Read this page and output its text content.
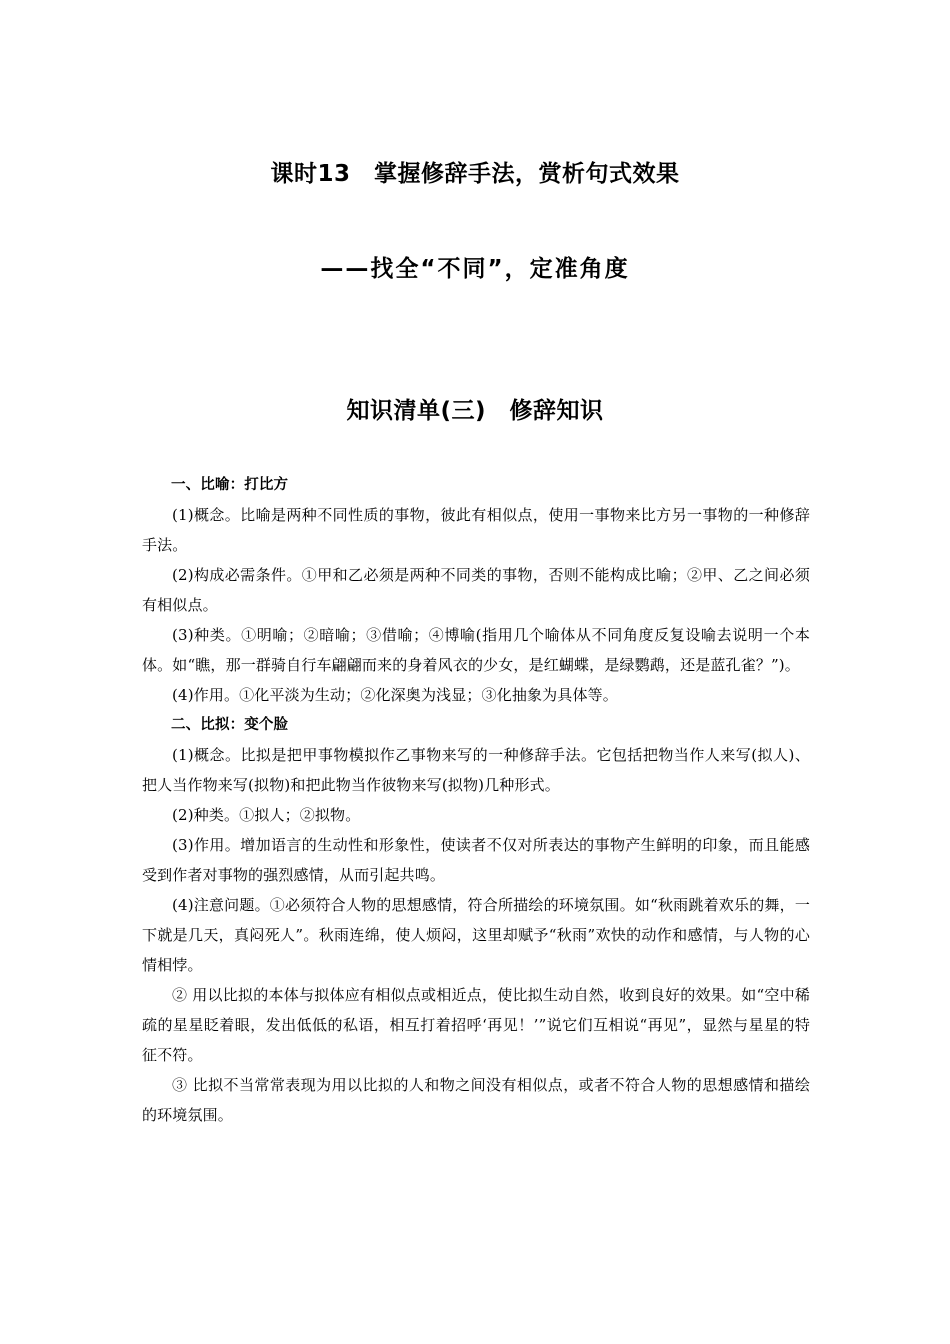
课时13　掌握修辞手法，赏析句式效果
——找全“不同”，定准角度
知识清单(三)　修辞知识

一、比喻：打比方

(1)概念。比喻是两种不同性质的事物，彼此有相似点，使用一事物来比方另一事物的一种修辞手法。

(2)构成必需条件。①甲和乙必须是两种不同类的事物，否则不能构成比喻；②甲、乙之间必须有相似点。

(3)种类。①明喻；②暗喻；③借喻；④博喻(指用几个喻体从不同角度反复设喻去说明一个本体。如“瞧，那一群骑自行车翩翩而来的身着风衣的少女，是红蝴蝶，是绿鹦鹉，还是蓝孔雀？”)。

(4)作用。①化平淡为生动；②化深奥为浅显；③化抽象为具体等。

二、比拟：变个脸

(1)概念。比拟是把甲事物模拟作乙事物来写的一种修辞手法。它包括把物当作人来写(拟人)、把人当作物来写(拟物)和把此物当作彼物来写(拟物)几种形式。

(2)种类。①拟人；②拟物。

(3)作用。增加语言的生动性和形象性，使读者不仅对所表达的事物产生鲜明的印象，而且能感受到作者对事物的强烈感情，从而引起共鸣。

(4)注意问题。①必须符合人物的思想感情，符合所描绘的环境氛围。如“秋雨跳着欢乐的舞，一下就是几天，真闷死人”。秋雨连绵，使人烦闷，这里却赋予“秋雨”欢快的动作和感情，与人物的心情相悖。

② 用以比拟的本体与拟体应有相似点或相近点，使比拟生动自然，收到良好的效果。如“空中稀疏的星星眨着眼，发出低低的私语，相互打着招呼‘再见！’”说它们互相说“再见”，显然与星星的特征不符。

③ 比拟不当常常表现为用以比拟的人和物之间没有相似点，或者不符合人物的思想感情和描绘的环境氛围。
